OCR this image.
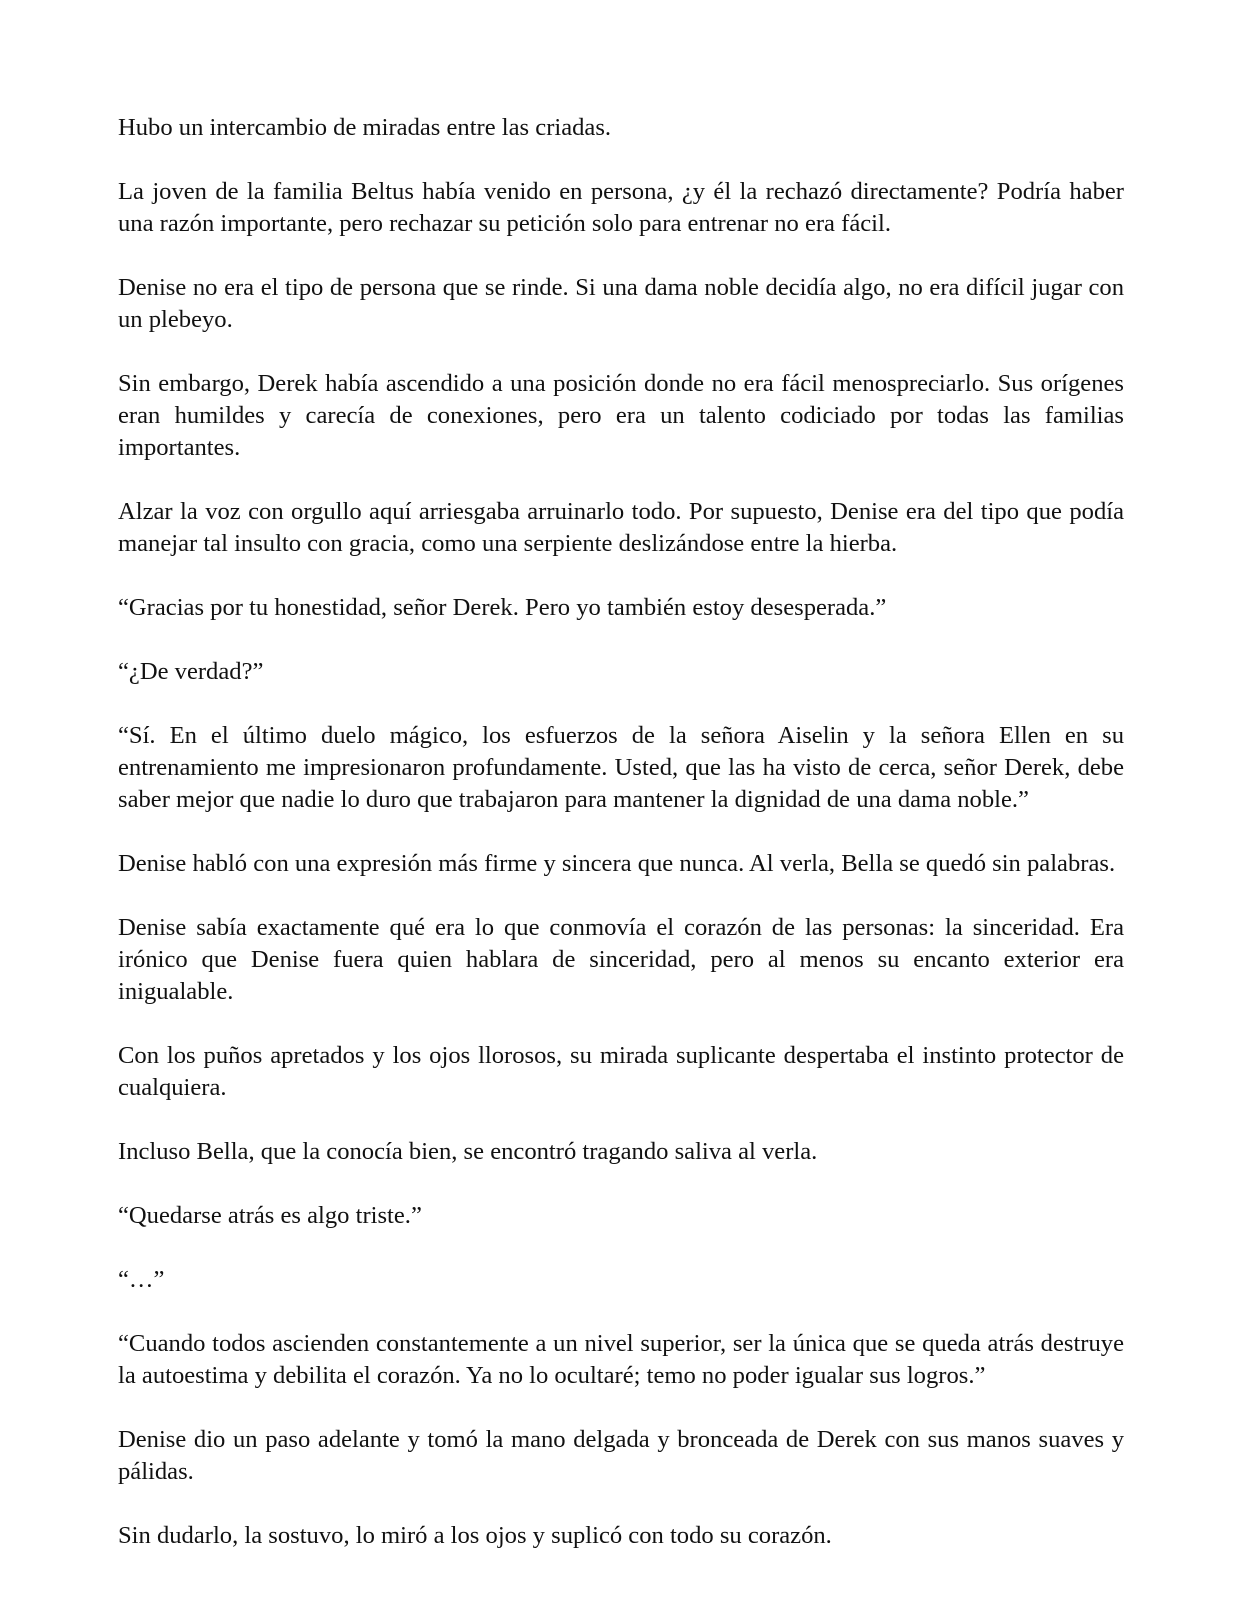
Hubo un intercambio de miradas entre las criadas.

La joven de la familia Beltus había venido en persona, ¿y él la rechazó directamente? Podría haber una razón importante, pero rechazar su petición solo para entrenar no era fácil.

Denise no era el tipo de persona que se rinde. Si una dama noble decidía algo, no era difícil jugar con un plebeyo.

Sin embargo, Derek había ascendido a una posición donde no era fácil menospreciarlo. Sus orígenes eran humildes y carecía de conexiones, pero era un talento codiciado por todas las familias importantes.

Alzar la voz con orgullo aquí arriesgaba arruinarlo todo. Por supuesto, Denise era del tipo que podía manejar tal insulto con gracia, como una serpiente deslizándose entre la hierba.

“Gracias por tu honestidad, señor Derek. Pero yo también estoy desesperada.”

“¿De verdad?”

“Sí. En el último duelo mágico, los esfuerzos de la señora Aiselin y la señora Ellen en su entrenamiento me impresionaron profundamente. Usted, que las ha visto de cerca, señor Derek, debe saber mejor que nadie lo duro que trabajaron para mantener la dignidad de una dama noble.”

Denise habló con una expresión más firme y sincera que nunca. Al verla, Bella se quedó sin palabras.

Denise sabía exactamente qué era lo que conmovía el corazón de las personas: la sinceridad. Era irónico que Denise fuera quien hablara de sinceridad, pero al menos su encanto exterior era inigualable.

Con los puños apretados y los ojos llorosos, su mirada suplicante despertaba el instinto protector de cualquiera.

Incluso Bella, que la conocía bien, se encontró tragando saliva al verla.

“Quedarse atrás es algo triste.”

“…”

“Cuando todos ascienden constantemente a un nivel superior, ser la única que se queda atrás destruye la autoestima y debilita el corazón. Ya no lo ocultaré; temo no poder igualar sus logros.”

Denise dio un paso adelante y tomó la mano delgada y bronceada de Derek con sus manos suaves y pálidas.

Sin dudarlo, la sostuvo, lo miró a los ojos y suplicó con todo su corazón.
